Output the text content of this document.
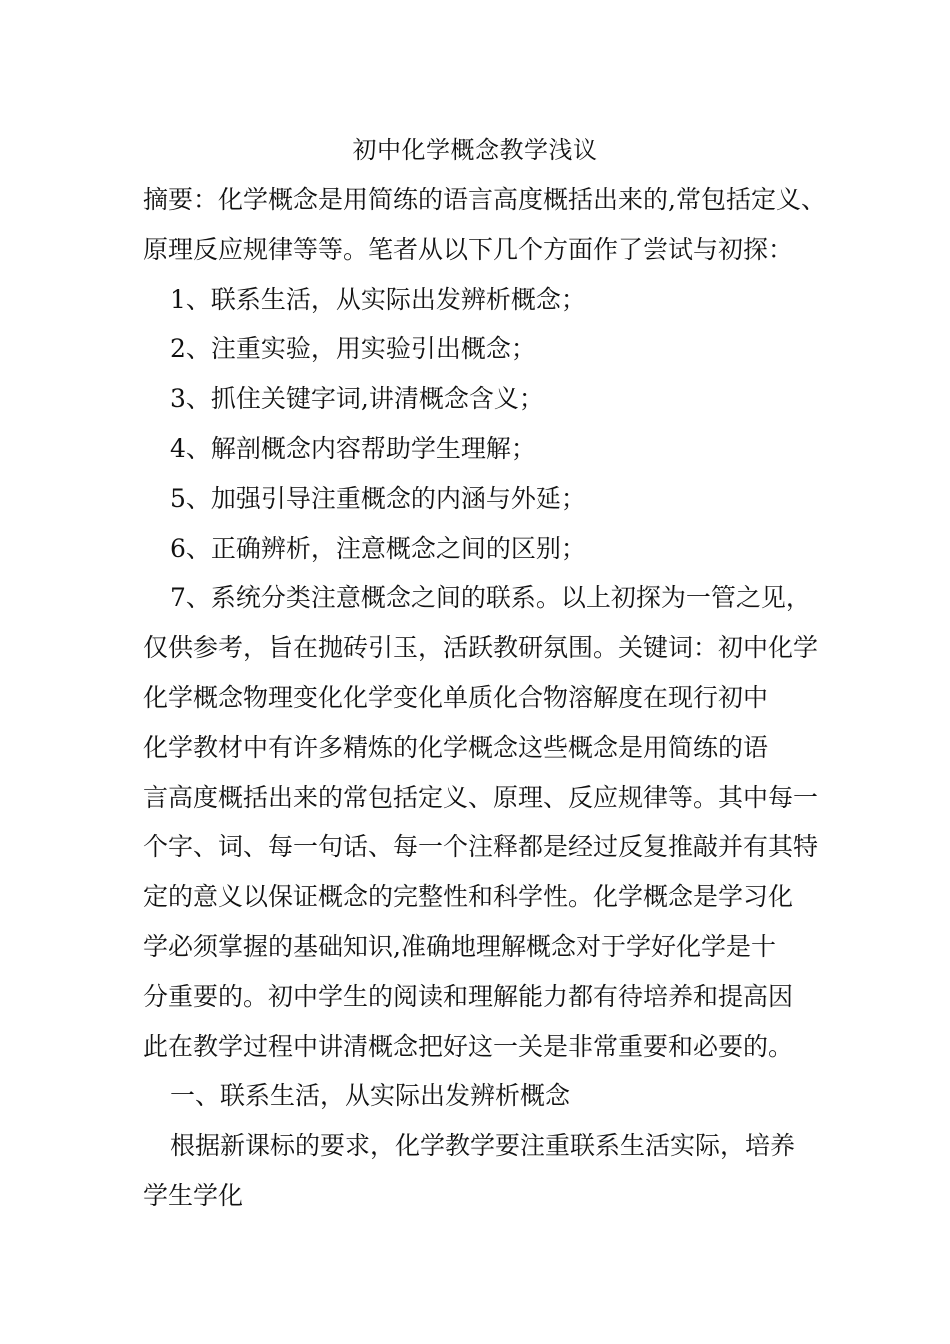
初中化学概念教学浅议
摘要：化学概念是用简练的语言高度概括出来的,常包括定义、
原理反应规律等等。笔者从以下几个方面作了尝试与初探：
1、联系生活，从实际出发辨析概念；
2、注重实验，用实验引出概念；
3、抓住关键字词,讲清概念含义；
4、解剖概念内容帮助学生理解；
5、加强引导注重概念的内涵与外延；
6、正确辨析，注意概念之间的区别；
7、系统分类注意概念之间的联系。以上初探为一管之见，
仅供参考，旨在抛砖引玉，活跃教研氛围。关键词：初中化学
化学概念物理变化化学变化单质化合物溶解度在现行初中
化学教材中有许多精炼的化学概念这些概念是用简练的语
言高度概括出来的常包括定义、原理、反应规律等。其中每一
个字、词、每一句话、每一个注释都是经过反复推敲并有其特
定的意义以保证概念的完整性和科学性。化学概念是学习化
学必须掌握的基础知识,准确地理解概念对于学好化学是十
分重要的。初中学生的阅读和理解能力都有待培养和提高因
此在教学过程中讲清概念把好这一关是非常重要和必要的。
一、联系生活，从实际出发辨析概念
根据新课标的要求，化学教学要注重联系生活实际，培养
学生学化
